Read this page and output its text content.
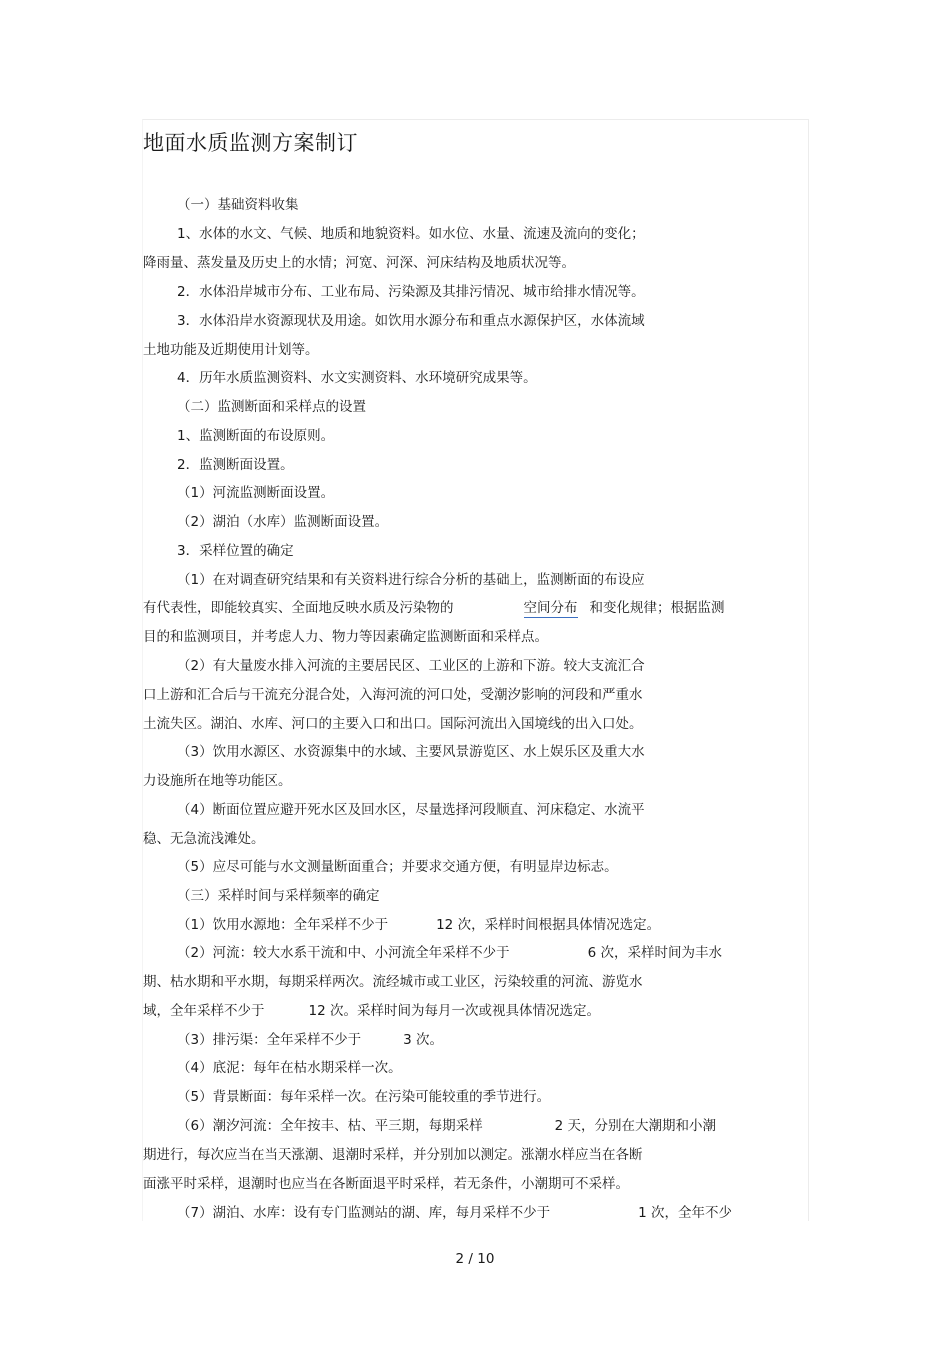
地面水质监测方案制订
（一）基础资料收集
1、水体的水文、气候、地质和地貌资料。如水位、水量、流速及流向的变化；
降雨量、蒸发量及历史上的水情；河宽、河深、河床结构及地质状况等。
2．水体沿岸城市分布、工业布局、污染源及其排污情况、城市给排水情况等。
3．水体沿岸水资源现状及用途。如饮用水源分布和重点水源保护区，水体流域
土地功能及近期使用计划等。
4．历年水质监测资料、水文实测资料、水环境研究成果等。
（二）监测断面和采样点的设置
1、监测断面的布设原则。
2．监测断面设置。
（1）河流监测断面设置。
（2）湖泊（水库）监测断面设置。
3．采样位置的确定
（1）在对调查研究结果和有关资料进行综合分析的基础上，监测断面的布设应
有代表性，即能较真实、全面地反映水质及污染物的	空间分布 和变化规律；根据监测
目的和监测项目，并考虑人力、物力等因素确定监测断面和采样点。
（2）有大量废水排入河流的主要居民区、工业区的上游和下游。较大支流汇合
口上游和汇合后与干流充分混合处，入海河流的河口处，受潮汐影响的河段和严重水
土流失区。湖泊、水库、河口的主要入口和出口。国际河流出入国境线的出入口处。
（3）饮用水源区、水资源集中的水域、主要风景游览区、水上娱乐区及重大水
力设施所在地等功能区。
（4）断面位置应避开死水区及回水区，尽量选择河段顺直、河床稳定、水流平
稳、无急流浅滩处。
（5）应尽可能与水文测量断面重合；并要求交通方便，有明显岸边标志。
（三）采样时间与采样频率的确定
（1）饮用水源地：全年采样不少于	12 次，采样时间根据具体情况选定。
（2）河流：较大水系干流和中、小河流全年采样不少于	6 次，采样时间为丰水
期、枯水期和平水期，每期采样两次。流经城市或工业区，污染较重的河流、游览水
域，全年采样不少于	12 次。采样时间为每月一次或视具体情况选定。
（3）排污渠：全年采样不少于	3 次。
（4）底泥：每年在枯水期采样一次。
（5）背景断面：每年采样一次。在污染可能较重的季节进行。
（6）潮汐河流：全年按丰、枯、平三期，每期采样	2 天，分别在大潮期和小潮
期进行，每次应当在当天涨潮、退潮时采样，并分别加以测定。涨潮水样应当在各断
面涨平时采样，退潮时也应当在各断面退平时采样，若无条件，小潮期可不采样。
（7）湖泊、水库：设有专门监测站的湖、库，每月采样不少于	1 次，全年不少
2 / 10
